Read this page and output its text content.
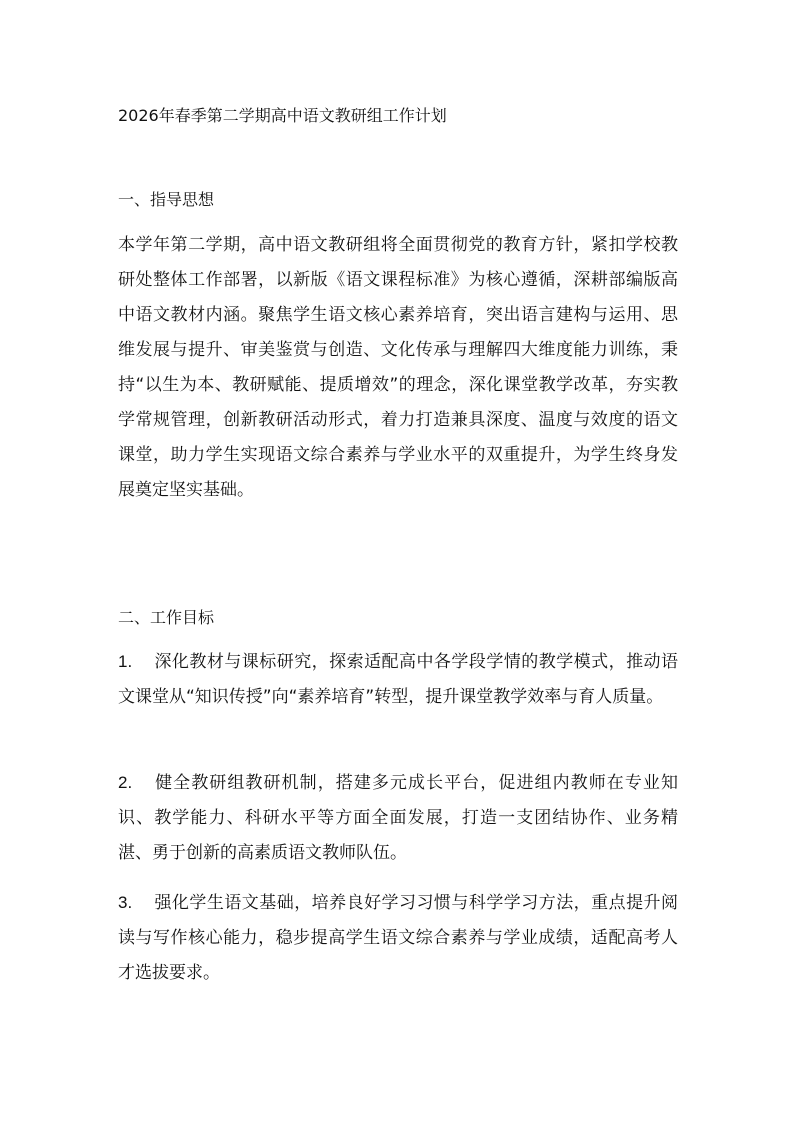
2026年春季第二学期高中语文教研组工作计划
一、指导思想
本学年第二学期，高中语文教研组将全面贯彻党的教育方针，紧扣学校教研处整体工作部署，以新版《语文课程标准》为核心遵循，深耕部编版高中语文教材内涵。聚焦学生语文核心素养培育，突出语言建构与运用、思维发展与提升、审美鉴赏与创造、文化传承与理解四大维度能力训练，秉持“以生为本、教研赋能、提质增效”的理念，深化课堂教学改革，夯实教学常规管理，创新教研活动形式，着力打造兼具深度、温度与效度的语文课堂，助力学生实现语文综合素养与学业水平的双重提升，为学生终身发展奠定坚实基础。
二、工作目标
1. 深化教材与课标研究，探索适配高中各学段学情的教学模式，推动语文课堂从“知识传授”向“素养培育”转型，提升课堂教学效率与育人质量。
2. 健全教研组教研机制，搭建多元成长平台，促进组内教师在专业知识、教学能力、科研水平等方面全面发展，打造一支团结协作、业务精湛、勇于创新的高素质语文教师队伍。
3. 强化学生语文基础，培养良好学习习惯与科学学习方法，重点提升阅读与写作核心能力，稳步提高学生语文综合素养与学业成绩，适配高考人才选拔要求。
